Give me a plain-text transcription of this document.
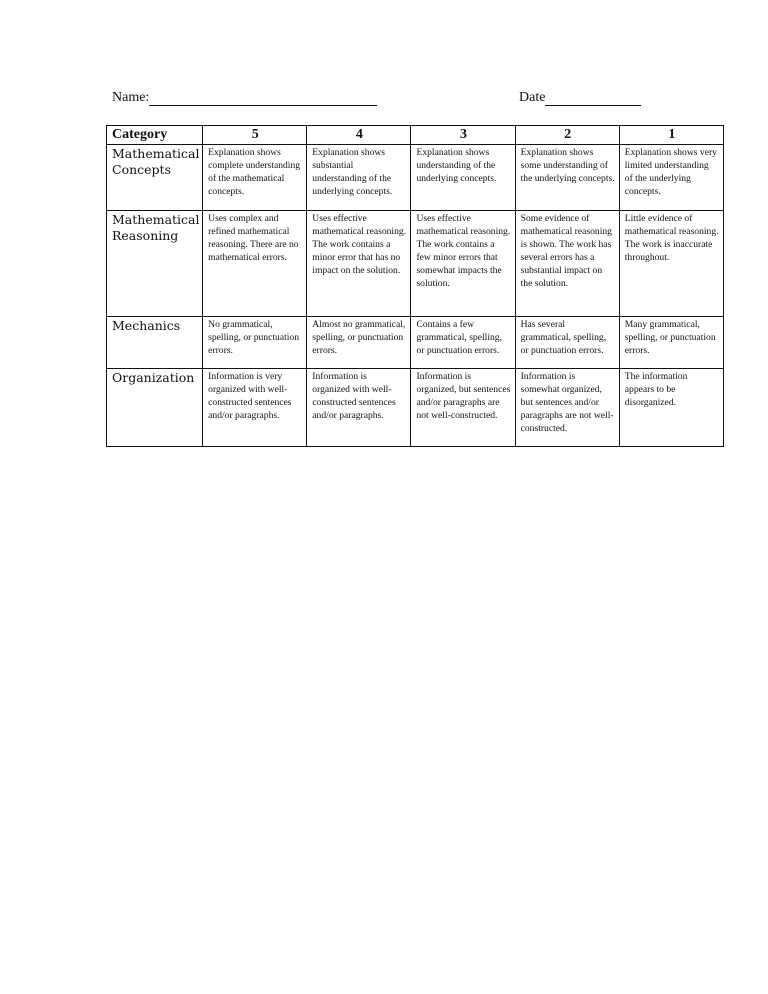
Name:	Date
Category	5	4	3	2	1
Mathematical Concepts	Explanation shows complete understanding of the mathematical concepts.	Explanation shows substantial understanding of the underlying concepts.	Explanation shows understanding of the underlying concepts.	Explanation shows some understanding of the underlying concepts.	Explanation shows very limited understanding of the underlying concepts.
Mathematical Reasoning	Uses complex and refined mathematical reasoning. There are no mathematical errors.	Uses effective mathematical reasoning. The work contains a minor error that has no impact on the solution.	Uses effective mathematical reasoning. The work contains a few minor errors that somewhat impacts the solution.	Some evidence of mathematical reasoning is shown. The work has several errors has a substantial impact on the solution.	Little evidence of mathematical reasoning. The work is inaccurate throughout.
Mechanics	No grammatical, spelling, or punctuation errors.	Almost no grammatical, spelling, or punctuation errors.	Contains a few grammatical, spelling, or punctuation errors.	Has several grammatical, spelling, or punctuation errors.	Many grammatical, spelling, or punctuation errors.
Organization	Information is very organized with well-constructed sentences and/or paragraphs.	Information is organized with well-constructed sentences and/or paragraphs.	Information is organized, but sentences and/or paragraphs are not well-constructed.	Information is somewhat organized, but sentences and/or paragraphs are not well-constructed.	The information appears to be disorganized.
